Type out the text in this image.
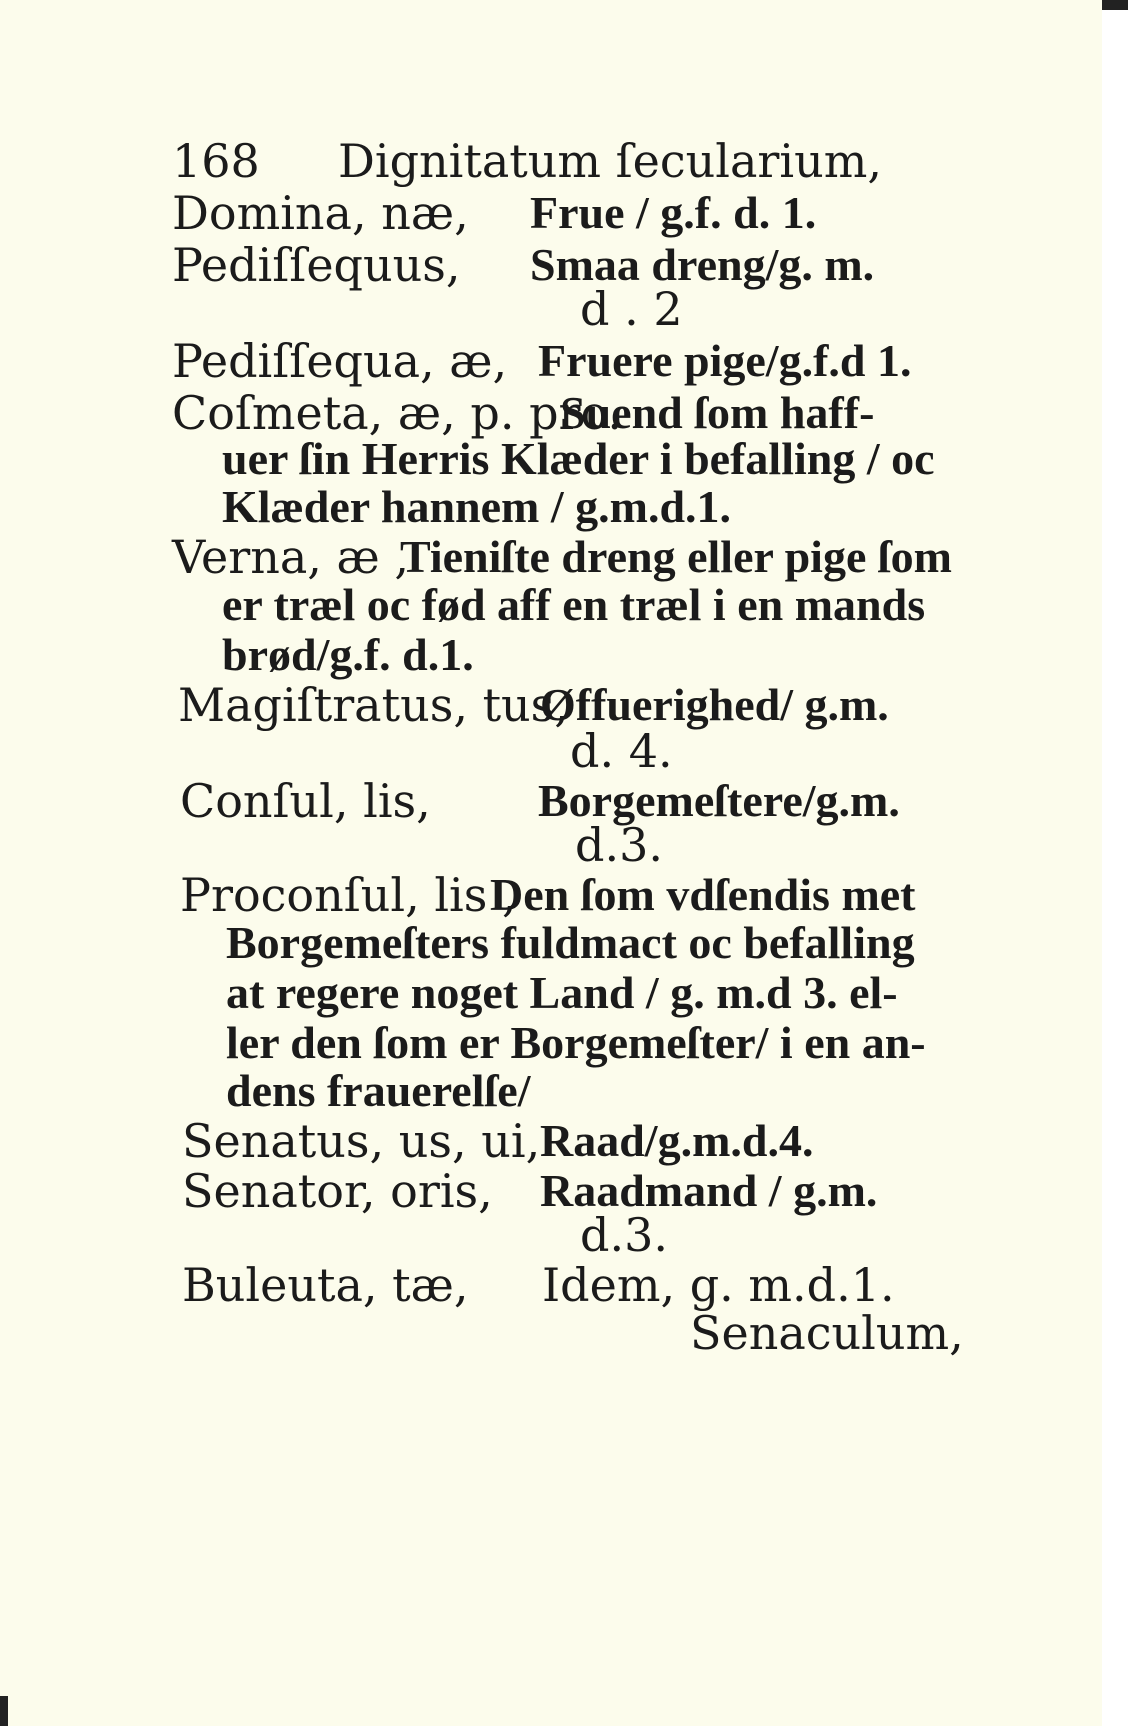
168 Dignitatum ſecularium,
Domina, næ, Frue / g.f. d. 1.
Pediſſequus, Smaa dreng/g. m.
d . 2
Pediſſequa, æ, Fruere pige/g.f.d 1.
Coſmeta, æ, p. pro.
Suend ſom haff-
uer ſin Herris Klæder i befalling / oc
Klæder hannem / g.m.d.1.
Verna, æ ,
Tieniſte dreng eller pige ſom
er træl oc fød aff en træl i en mands
brød/g.f. d.1.
Magiſtratus, tus,
Øffuerighed/ g.m.
d. 4.
Conſul, lis, Borgemeſtere/g.m.
d.3.
Proconſul, lis ,
Den ſom vdſendis met
Borgemeſters fuldmact oc befalling
at regere noget Land / g. m.d 3. el-
ler den ſom er Borgemeſter/ i en an-
dens frauerelſe/
Senatus, us, ui, Raad/g.m.d.4.
Senator, oris, Raadmand / g.m.
d.3.
Buleuta, tæ, Idem, g. m.d.1.
Senaculum,
